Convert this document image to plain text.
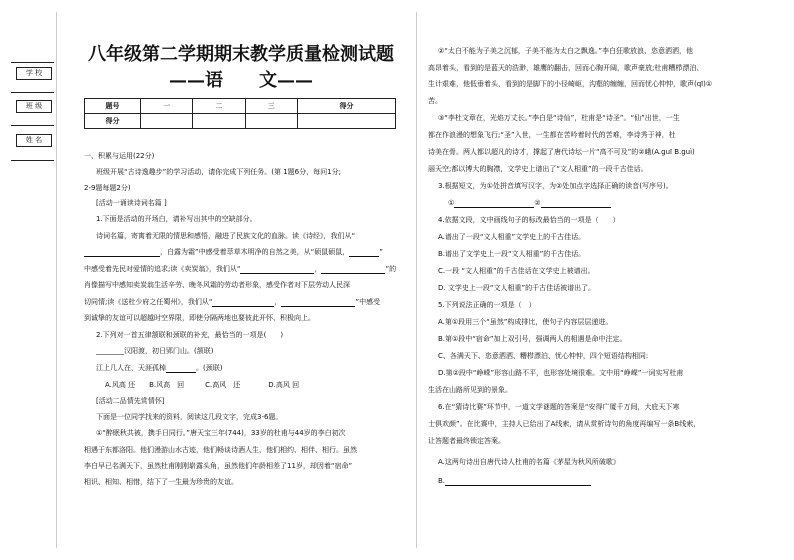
学 校
班 级
姓 名
八年级第二学期期末教学质量检测试题
——语　　文——
题号	一	二	三	得分
得分				
一、积累与运用(22分)
班级开展“古诗逸趣步”的学习活动，请你完成下列任务。(第 1题6分，每问1分;
2-9题每题2分)
[活动一诵读诗词名篇 ]
1.下面是活动的开场白，请补写出其中的空缺部分。
诗词名篇，寄寓着无限的情思和感悟，融进了民族文化的血脉。读《诗经》，我们从“
，白露为霜”中感受着萃草木明净的自然之美，从“硕鼠硕鼠，	”
中感受着先民对爱情的追求;读《卖炭翁》，我们从“	，	”的
肖像描写中感知卖炭翁生活辛劳、晚冬风霜的劳动者形象，感受作者对下层劳动人民深
切同情;读《送杜少府之任蜀州》，我们从“	，	”中感受
到诚挚的友谊可以超越时空界限，即使分隔两地也要彼此开怀、积极向上。
2.下列对一首五律颔联和颈联的补充，最恰当的一项是(　　)
________汉阳渡，初日郢门山。(颔联)
江上几人在，天涯孤棹	。(颈联)
A.风高 还　　B.风高　回　　　C.高风　还　　　　D.高风 回
[活动二品情先赏情怀]
下面是一位同学找来的资料，阅读这几段文字，完成3-6题。
①“醉眠秋共被，携手日同行。”唐天宝三年(744)，33岁的杜甫与44岁的李白初次
相遇于东都洛阳。他们漫游山水古迹，他们畅谈诗酒人生，他们相约、相伴、相行。虽然
李白早已名满天下，虽然杜甫刚刚崭露头角，虽然他们年龄相差了11岁，却因着“宿命”
相识、相知、相惜，结下了一生最为珍贵的友谊。
②“太白不能为子美之沉郁，子美不能为太白之飘逸。”李白狂歌放浪、恣意洒洒，他
高昂着头，看到的是蓝天的浩渺，雄鹰的翻击，回而心胸开阔，歌声豪放;杜甫糟栉漂泊、
生计艰难，他低垂着头，看到的是脚下的小径崎岖，沟壑的缠缠，回而忧心忡忡，歌声(qī)①
苦。
③“李杜文章在，光焰万丈长。”李白是“诗仙”，杜甫是“诗圣”。“仙”出世，一生
都在作浪漫的想象飞行;“圣”入世，一生都在苦吟着时代的苦难，李诗秀于神，杜
诗美在骨。两人都以超凡的诗才，撑起了唐代诗坛一片“高不可及”的②峨(A.guī B.guì)
丽天空;都以博大的胸襟，文学史上谱出了“文人相重”的一段千古佳话。
3.根据短文，为①处拼音填写汉字，为②处加点字选择正确的读音(写序号)。
①	②
4.依据文段，文中画线句子的标改最恰当的一项是（　　）
A.谱出了一段“文人相重”文学史上的千古佳话。
B.谱出了文学史上一段“文人相重”的千古佳话。
C.一段 “文人相重”的千古佳话在文学史上被谱出。
D. 文学史上一段“文人相重”的千古佳话被谱出了。
5.下列说法正确的一项是（　）
A.第①段用三个“虽然”构成排比，使句子内容层层递进。
B.第①段中“宿命”加上双引号，强调两人的相遇是命中注定。
C、各满天下、恣意洒洒、糟栉漂泊、忧心忡忡，四个短语结构相同:
D.第②段中“峥嵘”形容山路不平，也形容处境很难。文中用“峥嵘”一词实写杜甫
生活在山路所见到的景象。
6.在“猜诗比赛”环节中，一道文学谜题的答案是“安得广厦千万间，大庇天下寒
士俱欢颜”。在比赛中，主持人已给出了A线索，请从赏析诗句的角度再编写一条B线索，
让答题者最终锁定答案。
A.这两句诗出自唐代诗人杜甫的名篇《茅屋为秋风所破歌》
B.
